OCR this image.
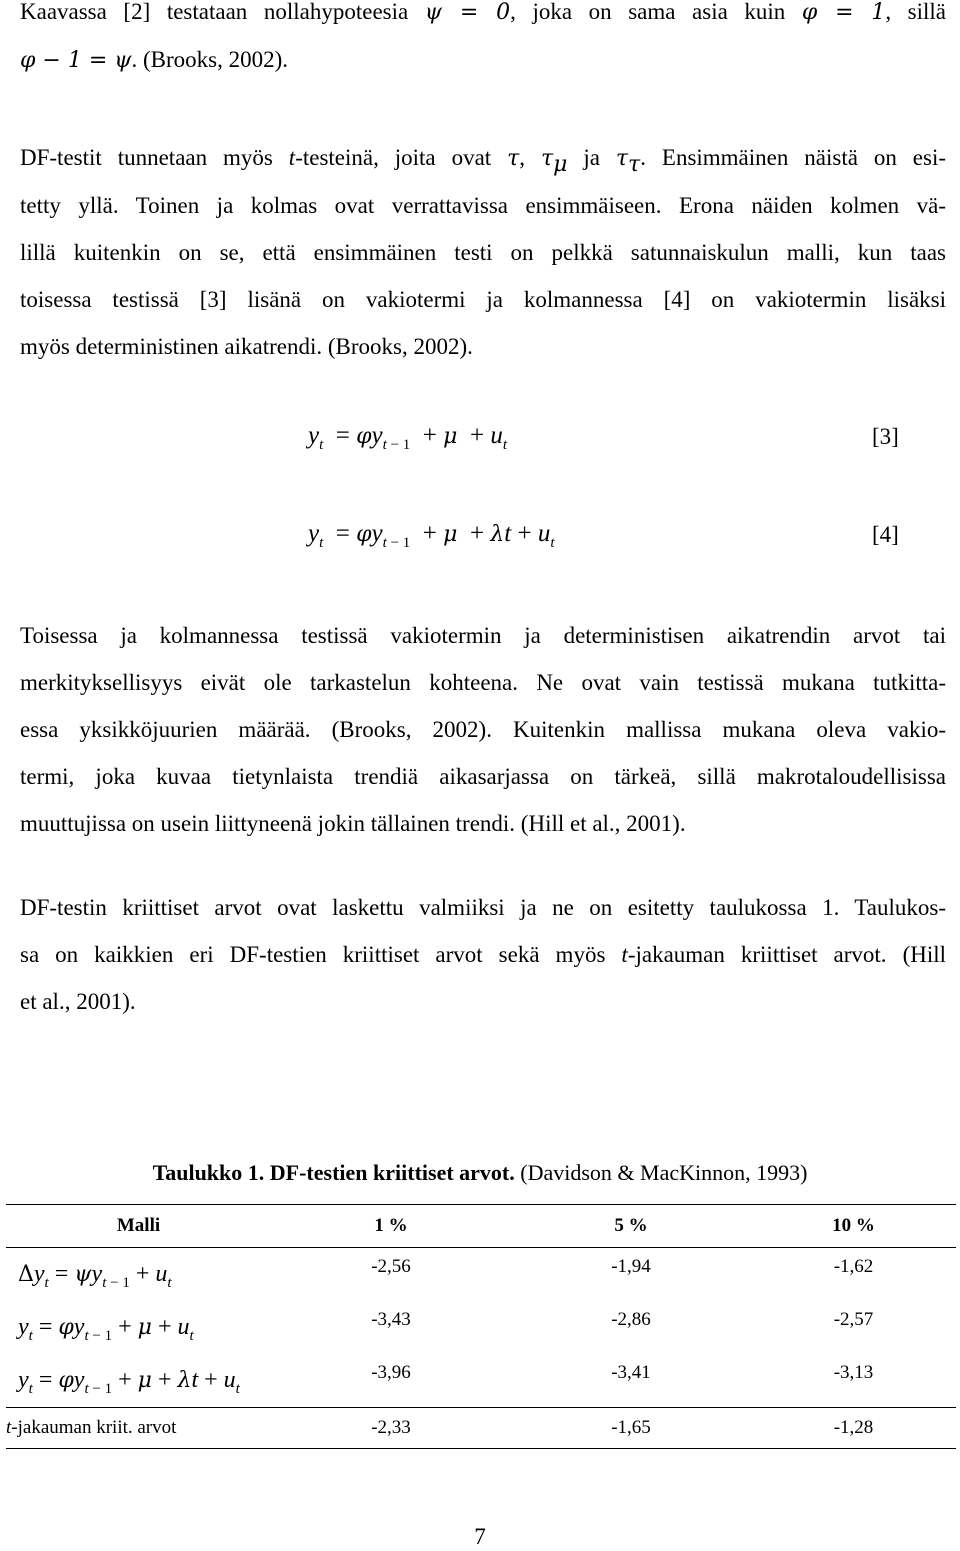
Kaavassa [2] testataan nollahypoteesia ψ = 0, joka on sama asia kuin φ = 1, sillä
φ − 1 = ψ. (Brooks, 2002).
DF-testit tunnetaan myös t-testeinä, joita ovat τ, $\tau_\mu$ ja $\tau_\tau$. Ensimmäinen näistä on esi-
tetty yllä. Toinen ja kolmas ovat verrattavissa ensimmäiseen. Erona näiden kolmen vä-
lillä kuitenkin on se, että ensimmäinen testi on pelkkä satunnaiskulun malli, kun taas
toisessa testissä [3] lisänä on vakiotermi ja kolmannessa [4] on vakiotermin lisäksi
myös deterministinen aikatrendi. (Brooks, 2002).
$y_t = \varphi y_t$ $_{- 1} + \mu + u_t$	[3]
$y_t = \varphi y_t$ $_{- 1} + \mu + \lambda t + u_t$	[4]
Toisessa ja kolmannessa testissä vakiotermin ja deterministisen aikatrendin arvot tai
merkityksellisyys eivät ole tarkastelun kohteena. Ne ovat vain testissä mukana tutkitta-
essa yksikköjuurien määrää. (Brooks, 2002). Kuitenkin mallissa mukana oleva vakio-
termi, joka kuvaa tietynlaista trendiä aikasarjassa on tärkeä, sillä makrotaloudellisissa
muuttujissa on usein liittyneenä jokin tällainen trendi. (Hill et al., 2001).
DF-testin kriittiset arvot ovat laskettu valmiiksi ja ne on esitetty taulukossa 1. Taulukos-
sa on kaikkien eri DF-testien kriittiset arvot sekä myös t-jakauman kriittiset arvot. (Hill
et al., 2001).
Taulukko 1. DF-testien kriittiset arvot. (Davidson & MacKinnon, 1993)
Malli	1 %	5 %	10 %
$\Delta y_t = \psi y_t$ $_{- 1} + u_t$	-2,56	-1,94	-1,62
$y_t = \varphi y_t$ $_{- 1} + \mu + u_t$	-3,43	-2,86	-2,57
$y_t = \varphi y_t$ $_{- 1} + \mu + \lambda t + u_t$	-3,96	-3,41	-3,13
t-jakauman kriit. arvot	-2,33	-1,65	-1,28
7
